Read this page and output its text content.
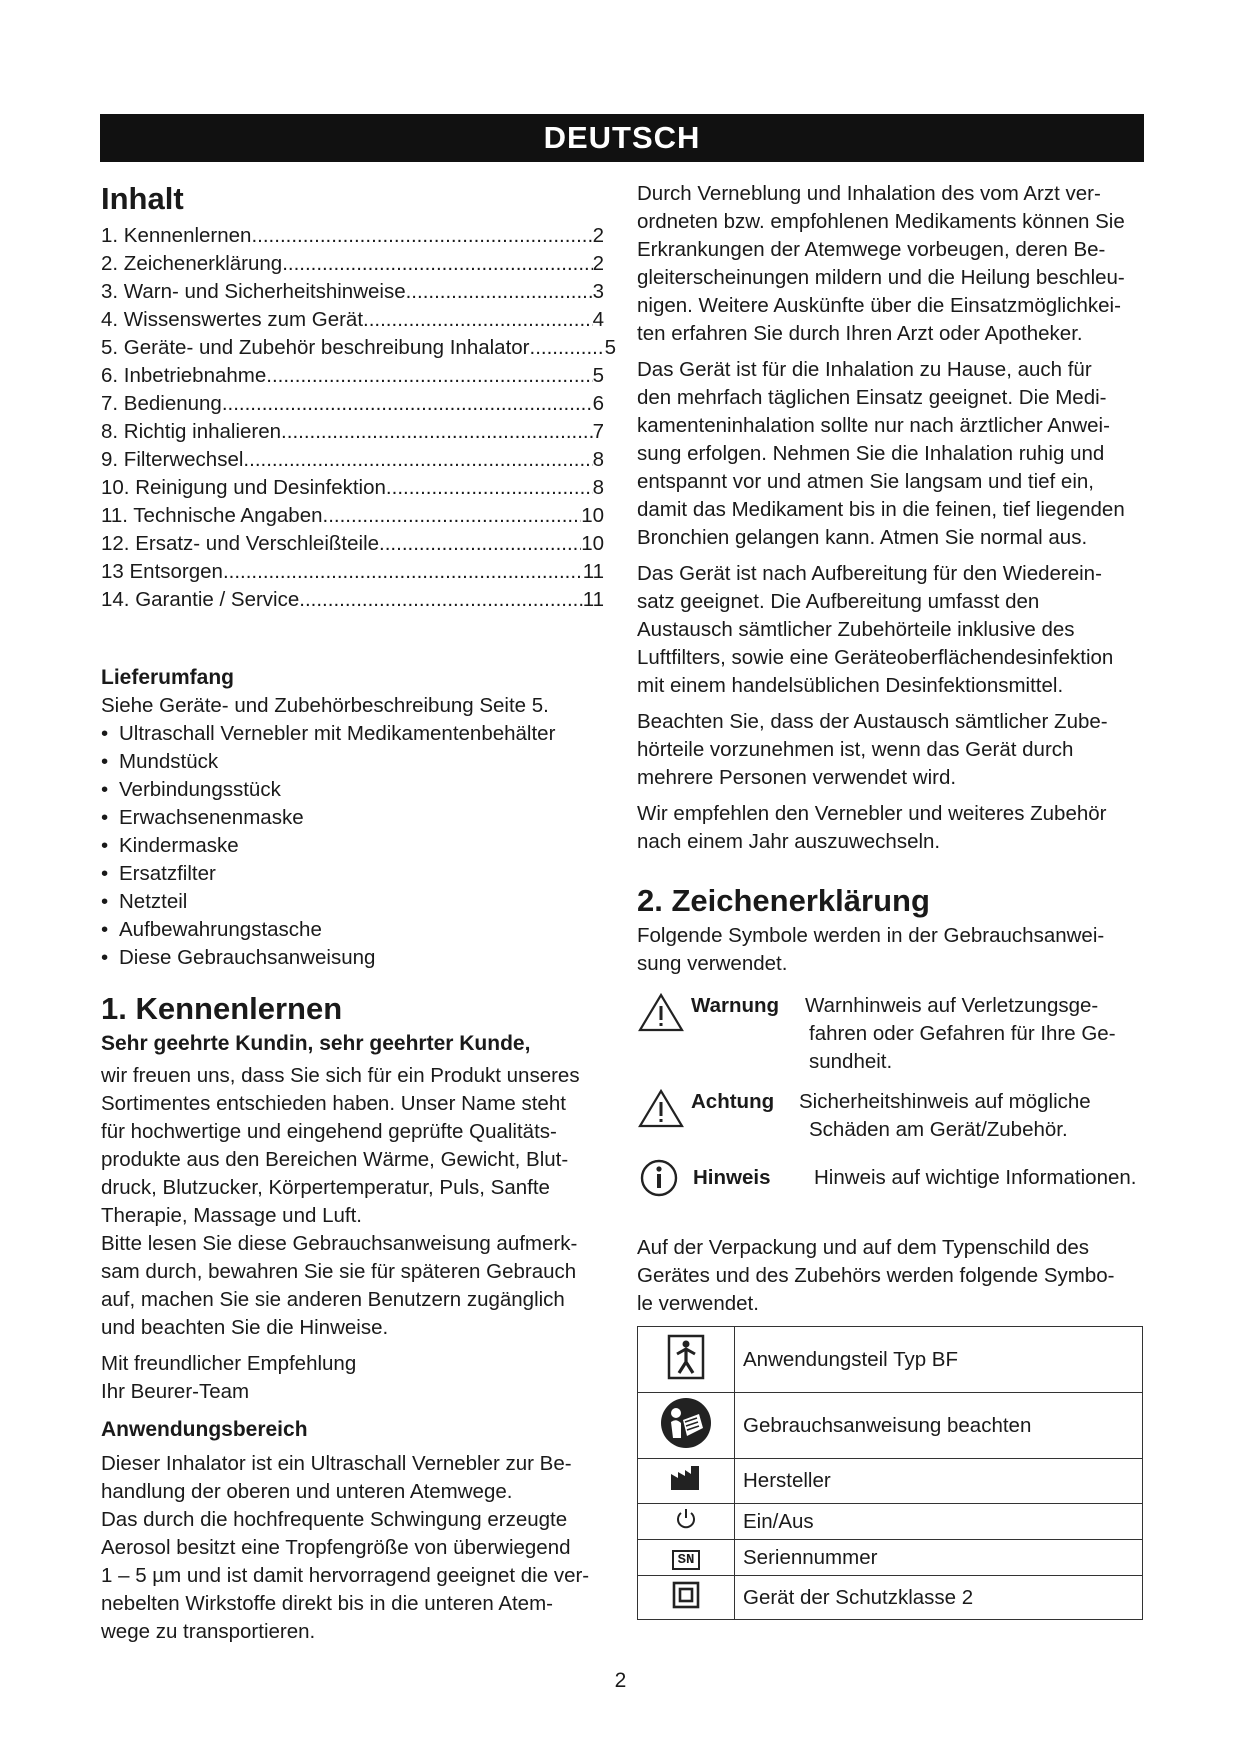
DEUTSCH
Inhalt
1. Kennenlernen .....	2
2. Zeichenerklärung .....	2
3. Warn- und Sicherheitshinweise .....	3
4. Wissenswertes zum Gerät .....	4
5. Geräte- und Zubehör beschreibung Inhalator .....	5
6. Inbetriebnahme .....	5
7. Bedienung .....	6
8. Richtig inhalieren .....	7
9. Filterwechsel .....	8
10. Reinigung und Desinfektion .....	8
11. Technische Angaben .....	10
12. Ersatz- und Verschleißteile .....	10
13 Entsorgen .....	11
14. Garantie / Service .....	11
Lieferumfang

Siehe Geräte- und Zubehörbeschreibung Seite 5.

• Ultraschall Vernebler mit Medikamentenbehälter
• Mundstück
• Verbindungsstück
• Erwachsenenmaske
• Kindermaske
• Ersatzfilter
• Netzteil
• Aufbewahrungstasche
• Diese Gebrauchsanweisung
1. Kennenlernen
Sehr geehrte Kundin, sehr geehrter Kunde,
wir freuen uns, dass Sie sich für ein Produkt unseres
Sortimentes entschieden haben. Unser Name steht
für hochwertige und eingehend geprüfte Qualitäts-
produkte aus den Bereichen Wärme, Gewicht, Blut-
druck, Blutzucker, Körpertemperatur, Puls, Sanfte
Therapie, Massage und Luft.
Bitte lesen Sie diese Gebrauchsanweisung aufmerk-
sam durch, bewahren Sie sie für späteren Gebrauch
auf, machen Sie sie anderen Benutzern zugänglich
und beachten Sie die Hinweise.
Mit freundlicher Empfehlung
Ihr Beurer-Team
Anwendungsbereich
Dieser Inhalator ist ein Ultraschall Vernebler zur Be-
handlung der oberen und unteren Atemwege.
Das durch die hochfrequente Schwingung erzeugte
Aerosol besitzt eine Tropfengröße von überwiegend
1 – 5 µm und ist damit hervorragend geeignet die ver-
nebelten Wirkstoffe direkt bis in die unteren Atem-
wege zu transportieren.
Durch Verneblung und Inhalation des vom Arzt ver-
ordneten bzw. empfohlenen Medikaments können Sie
Erkrankungen der Atemwege vorbeugen, deren Be-
gleiterscheinungen mildern und die Heilung beschleu-
nigen. Weitere Auskünfte über die Einsatzmöglichkei-
ten erfahren Sie durch Ihren Arzt oder Apotheker.
Das Gerät ist für die Inhalation zu Hause, auch für
den mehrfach täglichen Einsatz geeignet. Die Medi-
kamenteninhalation sollte nur nach ärztlicher Anwei-
sung erfolgen. Nehmen Sie die Inhalation ruhig und
entspannt vor und atmen Sie langsam und tief ein,
damit das Medikament bis in die feinen, tief liegenden
Bronchien gelangen kann. Atmen Sie normal aus.
Das Gerät ist nach Aufbereitung für den Wiederein-
satz geeignet. Die Aufbereitung umfasst den
Austausch sämtlicher Zubehörteile inklusive des
Luftfilters, sowie eine Geräteoberflächendesinfektion
mit einem handelsüblichen Desinfektionsmittel.
Beachten Sie, dass der Austausch sämtlicher Zube-
hörteile vorzunehmen ist, wenn das Gerät durch
mehrere Personen verwendet wird.
Wir empfehlen den Vernebler und weiteres Zubehör
nach einem Jahr auszuwechseln.
2. Zeichenerklärung
Folgende Symbole werden in der Gebrauchsanwei-
sung verwendet.
Warnung	Warnhinweis auf Verletzungsge-
fahren oder Gefahren für Ihre Ge-
sundheit.
Achtung	Sicherheitshinweis auf mögliche
Schäden am Gerät/Zubehör.
Hinweis	Hinweis auf wichtige Informationen.
Auf der Verpackung und auf dem Typenschild des
Gerätes und des Zubehörs werden folgende Symbo-
le verwendet.
	Anwendungsteil Typ BF
	Gebrauchsanweisung beachten
	Hersteller
	Ein/Aus
SN	Seriennummer
	Gerät der Schutzklasse 2
2
